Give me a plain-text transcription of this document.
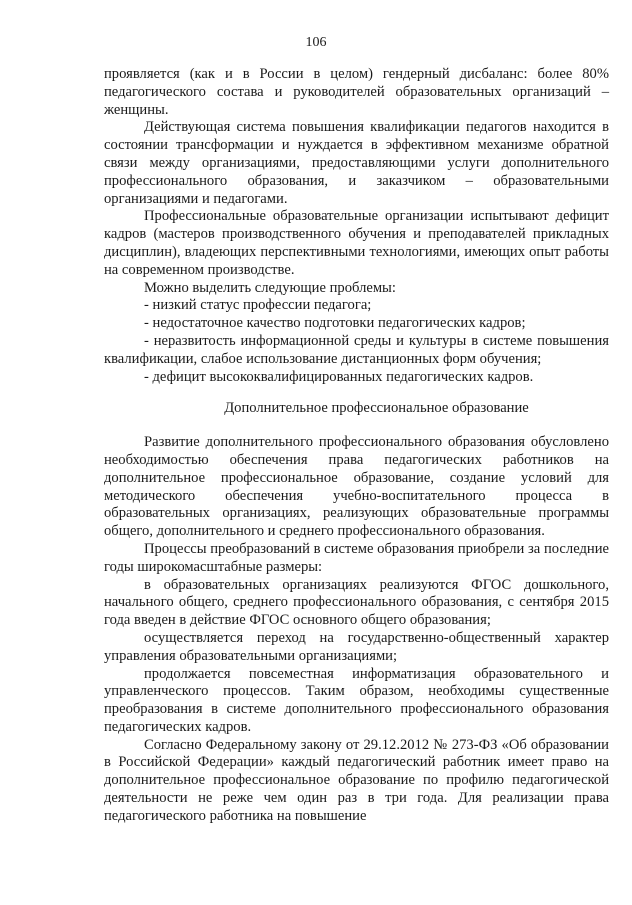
106

проявляется (как и в России в целом) гендерный дисбаланс: более 80% педагогического состава и руководителей образовательных организаций – женщины.

Действующая система повышения квалификации педагогов находится в состоянии трансформации и нуждается в эффективном механизме обратной связи между организациями, предоставляющими услуги дополнительного профессионального образования, и заказчиком – образовательными организациями и педагогами.

Профессиональные образовательные организации испытывают дефицит кадров (мастеров производственного обучения и преподавателей прикладных дисциплин), владеющих перспективными технологиями, имеющих опыт работы на современном производстве.

Можно выделить следующие проблемы:

- низкий статус профессии педагога;

- недостаточное качество подготовки педагогических кадров;

- неразвитость информационной среды и культуры в системе повышения квалификации, слабое использование дистанционных форм обучения;

- дефицит высококвалифицированных педагогических кадров.

Дополнительное профессиональное образование

Развитие дополнительного профессионального образования обусловлено необходимостью обеспечения права педагогических работников на дополнительное профессиональное образование, создание условий для методического обеспечения учебно-воспитательного процесса в образовательных организациях, реализующих образовательные программы общего, дополнительного и среднего профессионального образования.

Процессы преобразований в системе образования приобрели за последние годы широкомасштабные размеры:

в образовательных организациях реализуются ФГОС дошкольного, начального общего, среднего профессионального образования, с сентября 2015 года введен в действие ФГОС основного общего образования;

осуществляется переход на государственно-общественный характер управления образовательными организациями;

продолжается повсеместная информатизация образовательного и управленческого процессов. Таким образом, необходимы существенные преобразования в системе дополнительного профессионального образования педагогических кадров.

Согласно Федеральному закону от 29.12.2012 № 273-ФЗ «Об образовании в Российской Федерации» каждый педагогический работник имеет право на дополнительное профессиональное образование по профилю педагогической деятельности не реже чем один раз в три года. Для реализации права педагогического работника на повышение
